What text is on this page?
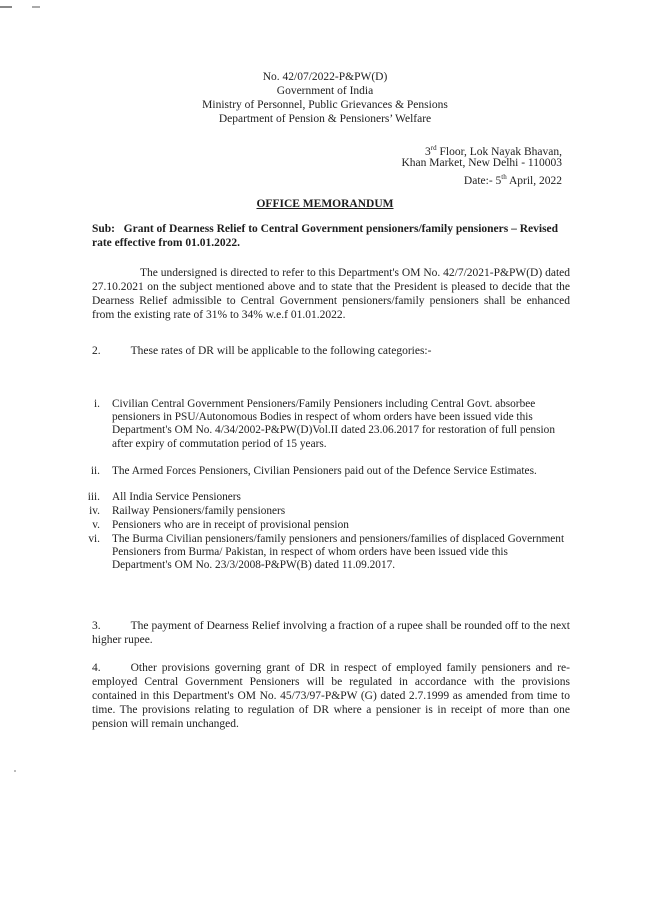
No. 42/07/2022-P&PW(D)
Government of India
Ministry of Personnel, Public Grievances & Pensions
Department of Pension & Pensioners’ Welfare
3rd Floor, Lok Nayak Bhavan,
Khan Market, New Delhi - 110003
Date:- 5th April, 2022
OFFICE MEMORANDUM
Sub: Grant of Dearness Relief to Central Government pensioners/family pensioners – Revised rate effective from 01.01.2022.
The undersigned is directed to refer to this Department's OM No. 42/7/2021-P&PW(D) dated 27.10.2021 on the subject mentioned above and to state that the President is pleased to decide that the Dearness Relief admissible to Central Government pensioners/family pensioners shall be enhanced from the existing rate of 31% to 34% w.e.f 01.01.2022.
2.	These rates of DR will be applicable to the following categories:-
i. Civilian Central Government Pensioners/Family Pensioners including Central Govt. absorbee pensioners in PSU/Autonomous Bodies in respect of whom orders have been issued vide this Department's OM No. 4/34/2002-P&PW(D)Vol.II dated 23.06.2017 for restoration of full pension after expiry of commutation period of 15 years.
ii. The Armed Forces Pensioners, Civilian Pensioners paid out of the Defence Service Estimates.
iii. All India Service Pensioners
iv. Railway Pensioners/family pensioners
v. Pensioners who are in receipt of provisional pension
vi. The Burma Civilian pensioners/family pensioners and pensioners/families of displaced Government Pensioners from Burma/ Pakistan, in respect of whom orders have been issued vide this Department's OM No. 23/3/2008-P&PW(B) dated 11.09.2017.
3.	The payment of Dearness Relief involving a fraction of a rupee shall be rounded off to the next higher rupee.
4.	Other provisions governing grant of DR in respect of employed family pensioners and re-employed Central Government Pensioners will be regulated in accordance with the provisions contained in this Department's OM No. 45/73/97-P&PW (G) dated 2.7.1999 as amended from time to time. The provisions relating to regulation of DR where a pensioner is in receipt of more than one pension will remain unchanged.
